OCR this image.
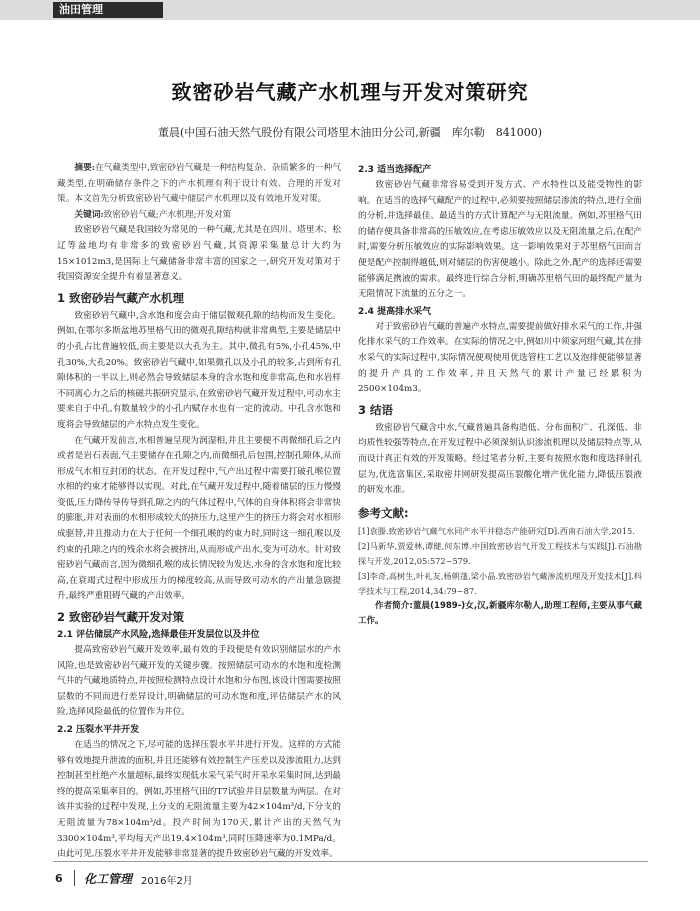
油田管理
致密砂岩气藏产水机理与开发对策研究
董晨(中国石油天然气股份有限公司塔里木油田分公司,新疆　库尔勒　841000)

摘要:在气藏类型中,致密砂岩气藏是一种结构复杂、杂质繁多的一种气藏类型,在明确储存条件之下的产水机理有利于设计有效、合理的开发对策。本文首先分析致密砂岩气藏中储层产水机理以及有效地开发对策。

关键词:致密砂岩气藏;产水机理;开发对策

致密砂岩气藏是我国较为常见的一种气藏,尤其是在四川、塔里木、松辽等盆地均有非常多的致密砂岩气藏,其资源采集量总计大约为15×1012m3,是国际上气藏储备非常丰富的国家之一,研究开发对策对于我国资源安全提升有着显著意义。

1 致密砂岩气藏产水机理

致密砂岩气藏中,含水饱和度会由于储层微观孔隙的结构而发生变化。例如,在鄂尔多斯盆地苏里格气田的微观孔隙结构就非常典型,主要是储层中的小孔占比普遍较低,而主要是以大孔为主。其中,微孔有5%,小孔45%,中孔30%,大孔20%。致密砂岩气藏中,如果微孔以及小孔的较多,占到所有孔隙体积的一半以上,则必然会导致储层本身的含水饱和度非常高,色和水岩样不同离心力之后的核磁共振研究显示,在致密砂岩气藏开发过程中,可动水主要来自于中孔,有数量较少的小孔内赋存水也有一定的流动。中孔含水饱和度将会导致储层的产水特点发生变化。

在气藏开发前言,水相普遍呈现为润湿相,并且主要便不再微细孔后之内或者是岩石表面,气主要储存在孔隙之内,而微细孔后包围,控制孔隙体,从而形成气水相互封闭的状态。在开发过程中,气产出过程中需要打破孔喉位置水相的约束才能够得以实现。对此,在气藏开发过程中,随着储层的压力慢慢变低,压力降传导传导到孔隙之内的气体过程中,气体的自身体积将会非常快的膨胀,并对表面的水相形成较大的挤压力,这里产生的挤压力将会对水相形成驱替,并且推动力在大于任何一个细孔喉的约束力时,同时这一细孔喉以及约束的孔隙之内的残余水将会被挤出,从而形成产出水,变为可动水。针对致密砂岩气藏而言,因为微细孔喉的成长情况较为发达,水身的含水饱和度比较高,在衰竭式过程中形成压力的梯度较高,从而导致可动水的产出量急剧提升,最终严重阻碍气藏的产出效率。

2 致密砂岩气藏开发对策
2.1 评估储层产水风险,选择最佳开发层位以及井位

提高致密砂岩气藏开发效率,最有效的手段便是有效识别储层水的产水风险,也是致密砂岩气藏开发的关键步骤。按照储层可动水的水饱和度检测气井的气藏地质特点,并按照检测特点设计水饱和分布图,该设计图需要按照层数的不同而进行差异设计,明确储层的可动水饱和度,评估储层产水的风险,选择风险最低的位置作为井位。

2.2 压裂水平井开发

在适当的情况之下,尽可能的选择压裂水平井进行开发。这样的方式能够有效地提升泄流的面积,并且还能够有效控制生产压差以及渗流阻力,达到控制甚至杜绝产水量超标,最终实现低水采气采气时开采水采集时间,达到最终的提高采集率目的。例如,苏里格气田的T7试验井目层数量为两层。在对该井实验的过程中发现,上分支的无阻流量主要为42×104m³/d,下分支的无阻流量为78×104m³/d。投产时间为170天,累计产出的天然气为3300×104m³,平均每天产出19.4×104m³,同时压降速率为0.1MPa/d。由此可见,压裂水平井开发能够非常显著的提升致密砂岩气藏的开发效率。

2.3 适当选择配产

致密砂岩气藏非常容易受到开发方式、产水特性以及能受物性的影响。在适当的选择气藏配产的过程中,必须要按照储层渗流的特点,进行全面的分析,并选择最佳、最适当的方式计算配产与无阻流量。例如,苏里格气田的储存便具备非常高的压敏效应,在考虑压敏效应以及无阻流量之后,在配产时,需要分析压敏效应的实际影响效果。这一影响效果对于苏里格气田而言便是配产控制得越低,则对储层的伤害便越小。除此之外,配产的选择还需要能够满足携液的需求。最终进行综合分析,明确苏里格气田的最终配产量为无阻情况下流量的五分之一。

2.4 提高排水采气

对于致密砂岩气藏的普遍产水特点,需要提前做好排水采气的工作,并强化排水采气的工作效率。在实际的情况之中,例如川中须家河组气藏,其在排水采气的实际过程中,实际情况便观使用优选管柱工艺以及泡排便能够显著的提升产具的工作效率,并且天然气的累计产量已经累积为2500×104m3。

3 结语

致密砂岩气藏含中水,气藏普遍具备构造低、分布面积广、孔深低、非均质性较强等特点,在开发过程中必须深刻认识渗流机理以及储层特点等,从而设计真正有效的开发策略。经过笔者分析,主要有按照水饱和度选择射孔层为,优选富集区,采取密井网研发提高压裂酸化增产优化能力,降低压裂液的研发水准。

参考文献:

[1]袁滕.致密砂岩气藏气水同产水平井稳态产能研究[D].西南石油大学,2015.

[2]马新华,贾爱林,谭健,何东博.中国致密砂岩气开发工程技术与实践[J].石油勘探与开发,2012,05:572~579.

[3]李奇,高树生,叶礼友,杨朝蓬,梁小晶.致密砂岩气藏渗流机理及开发技术[J].科学技术与工程,2014,34:79~87.

作者简介:董晨(1989-)女,汉,新疆库尔勒人,助理工程师,主要从事气藏工作。

6 化工管理 2016年2月
